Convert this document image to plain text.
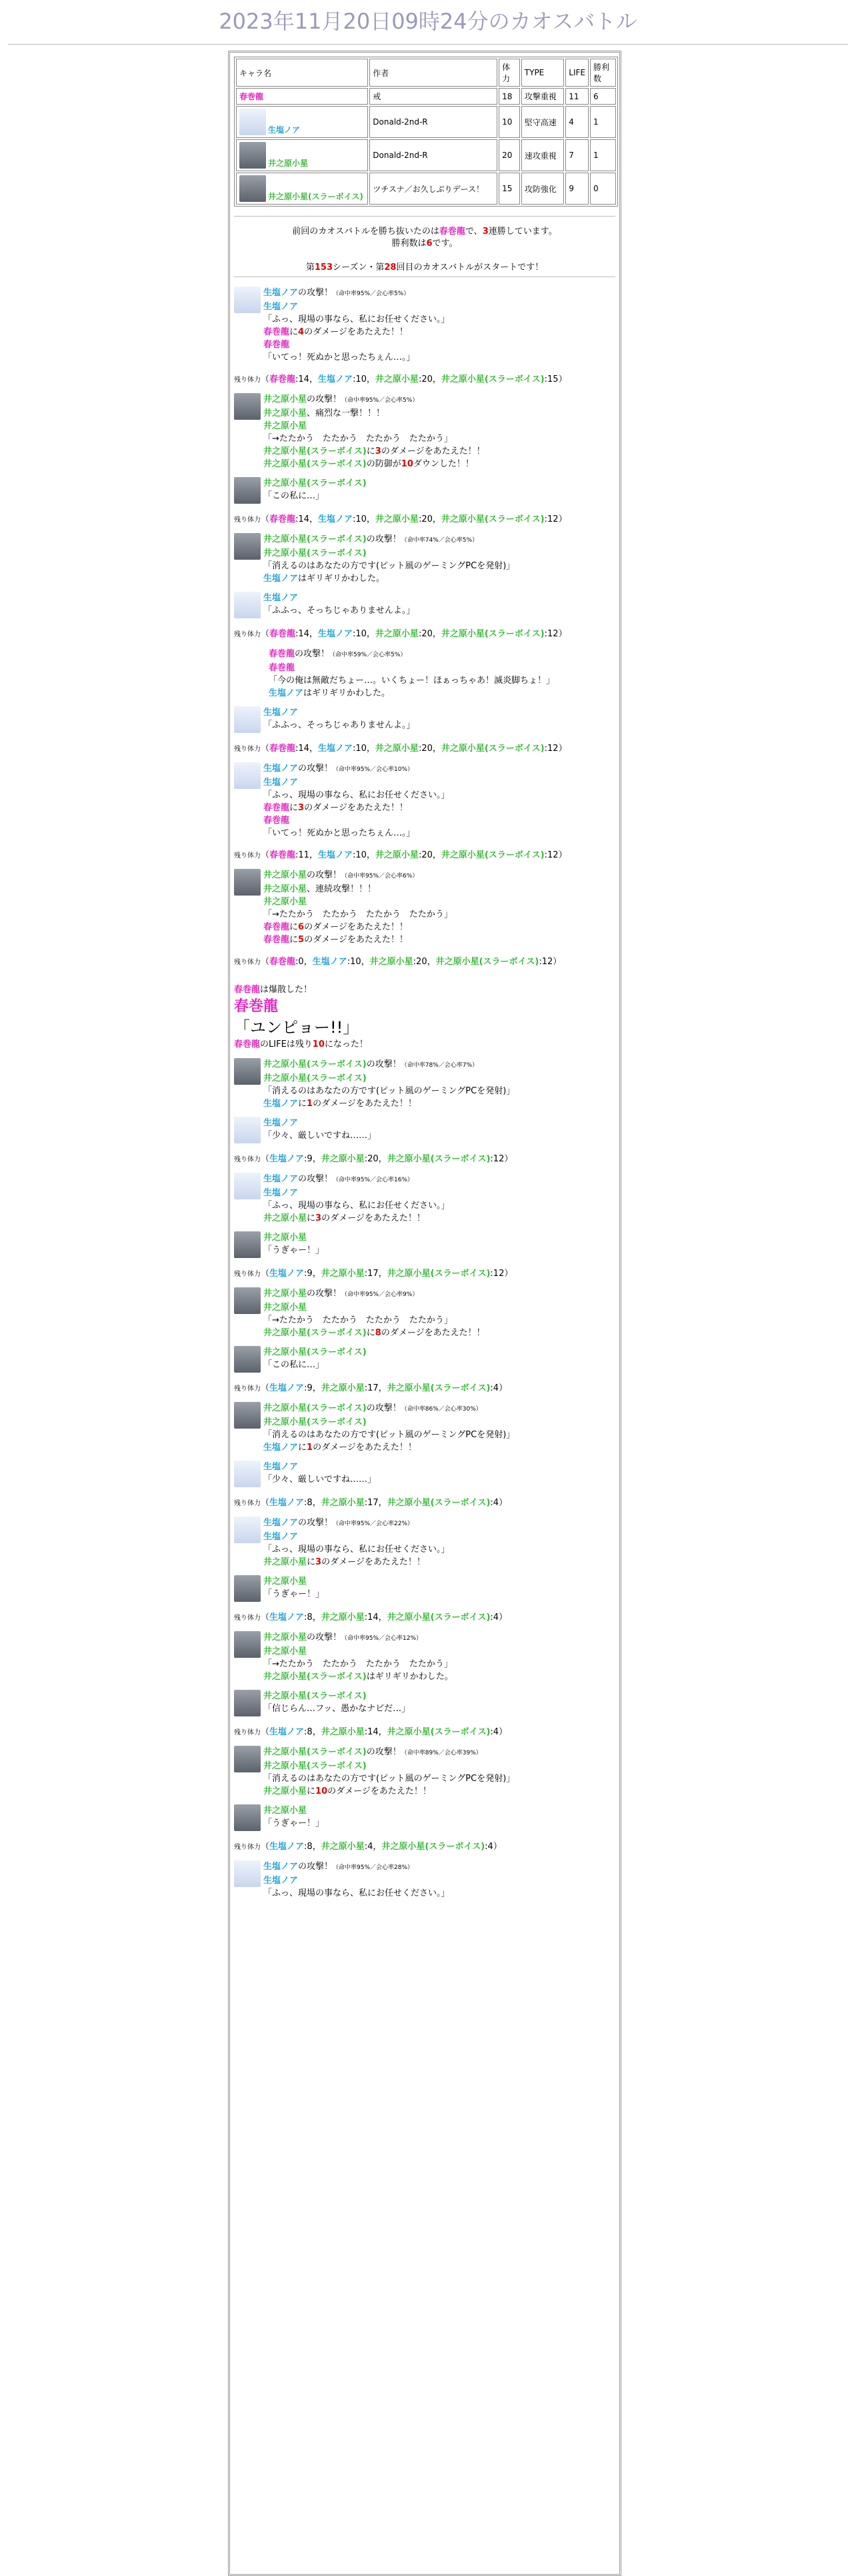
2023年11月20日09時24分のカオスバトル
キャラ名	作者	体力	TYPE	LIFE	勝利数
春巻龍	戒	18	攻撃重視	11	6

生塩ノア	Donald-2nd-R	10	堅守高速	4	1

井之原小星	Donald-2nd-R	20	速攻重視	7	1

井之原小星(スラーボイス)	ツチスナ／お久しぶりデース！	15	攻防強化	9	0
前回のカオスバトルを勝ち抜いたのは春巻龍で、3連勝しています。
勝利数は6です。
第153シーズン・第28回目のカオスバトルがスタートです！
生塩ノアの攻撃！（命中率95%／会心率5%）
生塩ノア
「ふっ、現場の事なら、私にお任せください。」
春巻龍に4のダメージをあたえた！！
春巻龍
「いてっ！死ぬかと思ったちぇん…。」
残り体力（春巻龍:14，生塩ノア:10，井之原小星:20，井之原小星(スラーボイス):15）
井之原小星の攻撃！（命中率95%／会心率5%）
井之原小星、痛烈な一撃！！！
井之原小星
「→たたかう　たたかう　たたかう　たたかう」
井之原小星(スラーボイス)に3のダメージをあたえた！！
井之原小星(スラーボイス)の防御が10ダウンした！！
井之原小星(スラーボイス)
「この私に…」
残り体力（春巻龍:14，生塩ノア:10，井之原小星:20，井之原小星(スラーボイス):12）
井之原小星(スラーボイス)の攻撃！（命中率74%／会心率5%）
井之原小星(スラーボイス)
「消えるのはあなたの方です(ピット風のゲーミングPCを発射)」
生塩ノアはギリギリかわした。
生塩ノア
「ふふっ、そっちじゃありませんよ。」
残り体力（春巻龍:14，生塩ノア:10，井之原小星:20，井之原小星(スラーボイス):12）
春巻龍の攻撃！（命中率59%／会心率5%）
春巻龍
「今の俺は無敵だちょー…。いくちょー！ほぁっちゃあ！滅炎脚ちょ！」
生塩ノアはギリギリかわした。
生塩ノア
「ふふっ、そっちじゃありませんよ。」
残り体力（春巻龍:14，生塩ノア:10，井之原小星:20，井之原小星(スラーボイス):12）
生塩ノアの攻撃！（命中率95%／会心率10%）
生塩ノア
「ふっ、現場の事なら、私にお任せください。」
春巻龍に3のダメージをあたえた！！
春巻龍
「いてっ！死ぬかと思ったちぇん…。」
残り体力（春巻龍:11，生塩ノア:10，井之原小星:20，井之原小星(スラーボイス):12）
井之原小星の攻撃！（命中率95%／会心率6%）
井之原小星、連続攻撃！！！
井之原小星
「→たたかう　たたかう　たたかう　たたかう」
春巻龍に6のダメージをあたえた！！
春巻龍に5のダメージをあたえた！！
残り体力（春巻龍:0，生塩ノア:10，井之原小星:20，井之原小星(スラーボイス):12）
春巻龍は爆散した！
春巻龍
「ユンピョー!!」
春巻龍のLIFEは残り10になった！
井之原小星(スラーボイス)の攻撃！（命中率78%／会心率7%）
井之原小星(スラーボイス)
「消えるのはあなたの方です(ピット風のゲーミングPCを発射)」
生塩ノアに1のダメージをあたえた！！
生塩ノア
「少々、厳しいですね……」
残り体力（生塩ノア:9，井之原小星:20，井之原小星(スラーボイス):12）
生塩ノアの攻撃！（命中率95%／会心率16%）
生塩ノア
「ふっ、現場の事なら、私にお任せください。」
井之原小星に3のダメージをあたえた！！
井之原小星
「うぎゃー！」
残り体力（生塩ノア:9，井之原小星:17，井之原小星(スラーボイス):12）
井之原小星の攻撃！（命中率95%／会心率9%）
井之原小星
「→たたかう　たたかう　たたかう　たたかう」
井之原小星(スラーボイス)に8のダメージをあたえた！！
井之原小星(スラーボイス)
「この私に…」
残り体力（生塩ノア:9，井之原小星:17，井之原小星(スラーボイス):4）
井之原小星(スラーボイス)の攻撃！（命中率86%／会心率30%）
井之原小星(スラーボイス)
「消えるのはあなたの方です(ピット風のゲーミングPCを発射)」
生塩ノアに1のダメージをあたえた！！
生塩ノア
「少々、厳しいですね……」
残り体力（生塩ノア:8，井之原小星:17，井之原小星(スラーボイス):4）
生塩ノアの攻撃！（命中率95%／会心率22%）
生塩ノア
「ふっ、現場の事なら、私にお任せください。」
井之原小星に3のダメージをあたえた！！
井之原小星
「うぎゃー！」
残り体力（生塩ノア:8，井之原小星:14，井之原小星(スラーボイス):4）
井之原小星の攻撃！（命中率95%／会心率12%）
井之原小星
「→たたかう　たたかう　たたかう　たたかう」
井之原小星(スラーボイス)はギリギリかわした。
井之原小星(スラーボイス)
「信じらん…フッ、愚かなナビだ…」
残り体力（生塩ノア:8，井之原小星:14，井之原小星(スラーボイス):4）
井之原小星(スラーボイス)の攻撃！（命中率89%／会心率39%）
井之原小星(スラーボイス)
「消えるのはあなたの方です(ピット風のゲーミングPCを発射)」
井之原小星に10のダメージをあたえた！！
井之原小星
「うぎゃー！」
残り体力（生塩ノア:8，井之原小星:4，井之原小星(スラーボイス):4）
生塩ノアの攻撃！（命中率95%／会心率28%）
生塩ノア
「ふっ、現場の事なら、私にお任せください。」
